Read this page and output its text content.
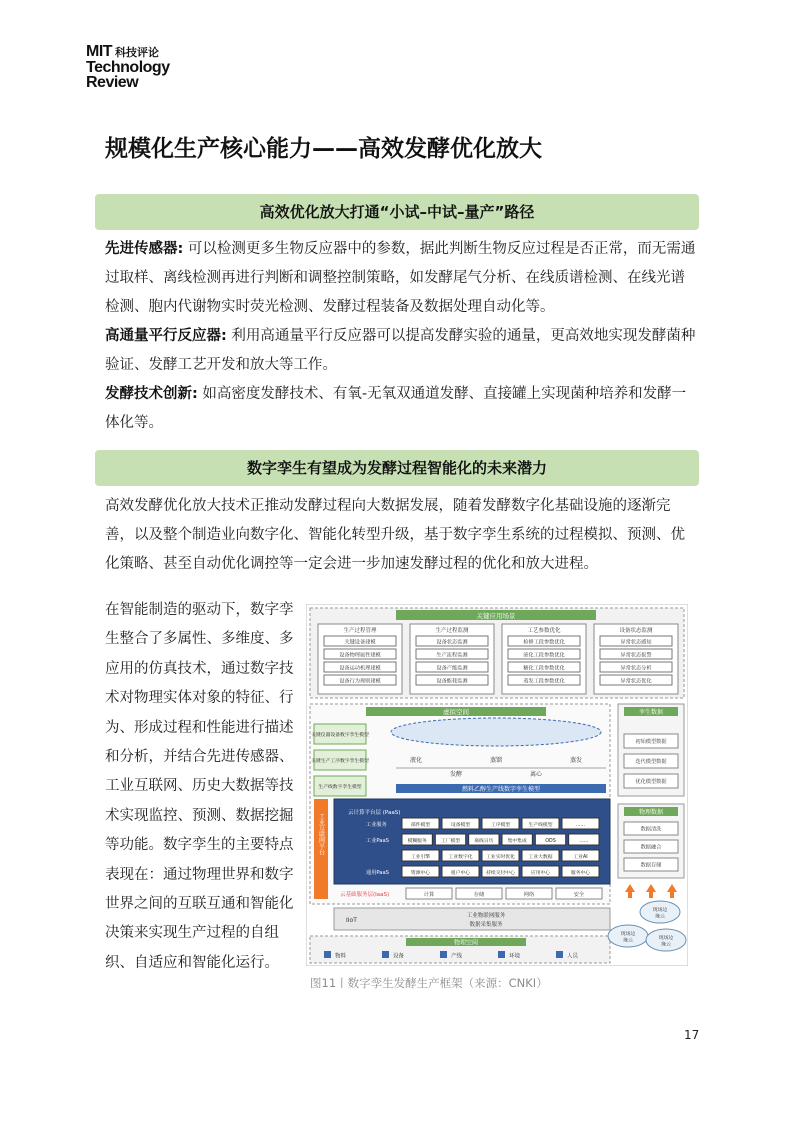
MIT 科技评论
Technology
Review
规模化生产核心能力——高效发酵优化放大
高效优化放大打通“小试–中试–量产”路径
先进传感器: 可以检测更多生物反应器中的参数，据此判断生物反应过程是否正常，而无需通过取样、离线检测再进行判断和调整控制策略，如发酵尾气分析、在线质谱检测、在线光谱检测、胞内代谢物实时荧光检测、发酵过程装备及数据处理自动化等。
高通量平行反应器: 利用高通量平行反应器可以提高发酵实验的通量，更高效地实现发酵菌种验证、发酵工艺开发和放大等工作。
发酵技术创新: 如高密度发酵技术、有氧-无氧双通道发酵、直接罐上实现菌种培养和发酵一体化等。
数字孪生有望成为发酵过程智能化的未来潜力
高效发酵优化放大技术正推动发酵过程向大数据发展，随着发酵数字化基础设施的逐渐完善，以及整个制造业向数字化、智能化转型升级，基于数字孪生系统的过程模拟、预测、优化策略、甚至自动优化调控等一定会进一步加速发酵过程的优化和放大进程。
在智能制造的驱动下，数字孪生整合了多属性、多维度、多应用的仿真技术，通过数字技术对物理实体对象的特征、行为、形成过程和性能进行描述和分析，并结合先进传感器、工业互联网、历史大数据等技术实现监控、预测、数据挖掘等功能。数字孪生的主要特点表现在：通过物理世界和数字世界之间的互联互通和智能化决策来实现生产过程的自组织、自适应和智能化运行。
关键应用场景
生产过程管理
关键设备建模
设备物理属性建模
设备运动机理建模
设备行为规则建模
生产过程监测
设备状态监测
生产流程监测
设备产能监测
设备能耗监测
工艺参数优化
检修工段参数优化
液化工段参数优化
糖化工段参数优化
蒸发工段参数优化
设备状态监测
异常状态感知
异常状态报警
异常状态分析
异常状态优化
虚拟空间
关键仪器设备数字孪生模型
关键生产工序数字孪生模型
生产线数字孪生模型
液化	蒸馏	蒸发
发酵	离心
燃料乙醇生产线数字孪生模型
工业互联网平台	云计算平台层 (PaaS)
工业服务	部件模型	设备模型	工序模型	生产线模型	......
工业PaaS	模糊服务	工厂模型	离线日历	集中集成	ODS	......
工业引擎	工业数字化	工业实时优化	工业大数据	工业AI
通用PaaS	资源中心	租户中心	持续交付中心	应用中心	服务中心
云基础服务层(IaaS)	计算	存储	网络	安全
IIoT
工业物联网服务
数据采集服务
物理空间
物料	设备	产线	环境	人员
孪生数据
初始模型数据
迭代模型数据
优化模型数据
物理数据
数据清洗
数据融合
数据存储
现场边
缘云
现场边
缘云	现场边
缘云
图11丨数字孪生发酵生产框架（来源：CNKI）
17
